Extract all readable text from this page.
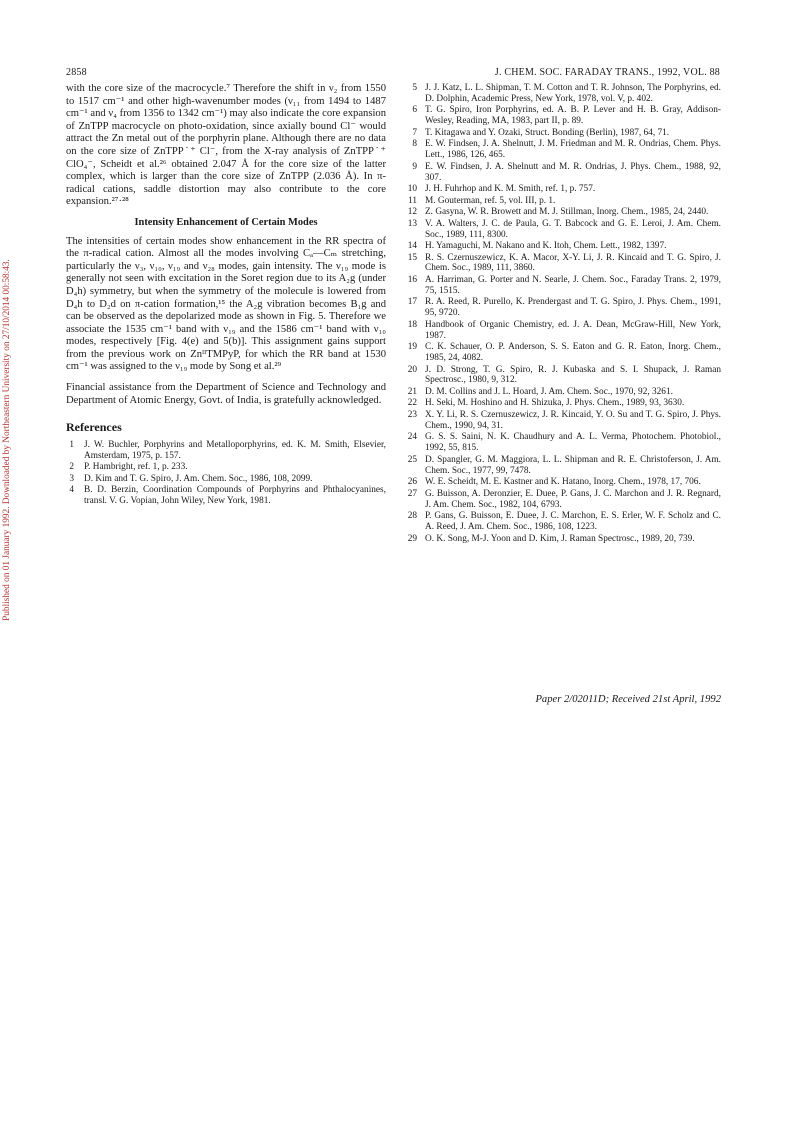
Published on 01 January 1992. Downloaded by Northeastern University on 27/10/2014 00:58:43.
2858	J. CHEM. SOC. FARADAY TRANS., 1992, VOL. 88

with the core size of the macrocycle.⁷ Therefore the shift in ν₂ from 1550 to 1517 cm⁻¹ and other high-wavenumber modes (ν₁₁ from 1494 to 1487 cm⁻¹ and ν₄ from 1356 to 1342 cm⁻¹) may also indicate the core expansion of ZnTPP macrocycle on photo-oxidation, since axially bound Cl⁻ would attract the Zn metal out of the porphyrin plane. Although there are no data on the core size of ZnTPP˙⁺ Cl⁻, from the X-ray analysis of ZnTPP˙⁺ ClO₄⁻, Scheidt et al.²⁶ obtained 2.047 Å for the core size of the latter complex, which is larger than the core size of ZnTPP (2.036 Å). In π-radical cations, saddle distortion may also contribute to the core expansion.²⁷·²⁸

Intensity Enhancement of Certain Modes

The intensities of certain modes show enhancement in the RR spectra of the π-radical cation. Almost all the modes involving Cₐ—Cₘ stretching, particularly the ν₃, ν₁₀, ν₁₉ and ν₂₈ modes, gain intensity. The ν₁₉ mode is generally not seen with excitation in the Soret region due to its A₂g (under D₄h) symmetry, but when the symmetry of the molecule is lowered from D₄h to D₂d on π-cation formation,¹⁵ the A₂g vibration becomes B₁g and can be observed as the depolarized mode as shown in Fig. 5. Therefore we associate the 1535 cm⁻¹ band with ν₁₉ and the 1586 cm⁻¹ band with ν₁₀ modes, respectively [Fig. 4(e) and 5(b)]. This assignment gains support from the previous work on ZnᴵᴵTMPyP, for which the RR band at 1530 cm⁻¹ was assigned to the ν₁₉ mode by Song et al.²⁹

Financial assistance from the Department of Science and Technology and Department of Atomic Energy, Govt. of India, is gratefully acknowledged.

References
1 J. W. Buchler, Porphyrins and Metalloporphyrins, ed. K. M. Smith, Elsevier, Amsterdam, 1975, p. 157.
2 P. Hambright, ref. 1, p. 233.
3 D. Kim and T. G. Spiro, J. Am. Chem. Soc., 1986, 108, 2099.
4 B. D. Berzin, Coordination Compounds of Porphyrins and Phthalocyanines, transl. V. G. Vopian, John Wiley, New York, 1981.
5 J. J. Katz, L. L. Shipman, T. M. Cotton and T. R. Johnson, The Porphyrins, ed. D. Dolphin, Academic Press, New York, 1978, vol. V, p. 402.
6 T. G. Spiro, Iron Porphyrins, ed. A. B. P. Lever and H. B. Gray, Addison-Wesley, Reading, MA, 1983, part II, p. 89.
7 T. Kitagawa and Y. Ozaki, Struct. Bonding (Berlin), 1987, 64, 71.
8 E. W. Findsen, J. A. Shelnutt, J. M. Friedman and M. R. Ondrias, Chem. Phys. Lett., 1986, 126, 465.
9 E. W. Findsen, J. A. Shelnutt and M. R. Ondrias, J. Phys. Chem., 1988, 92, 307.
10 J. H. Fuhrhop and K. M. Smith, ref. 1, p. 757.
11 M. Gouterman, ref. 5, vol. III, p. 1.
12 Z. Gasyna, W. R. Browett and M. J. Stillman, Inorg. Chem., 1985, 24, 2440.
13 V. A. Walters, J. C. de Paula, G. T. Babcock and G. E. Leroi, J. Am. Chem. Soc., 1989, 111, 8300.
14 H. Yamaguchi, M. Nakano and K. Itoh, Chem. Lett., 1982, 1397.
15 R. S. Czernuszewicz, K. A. Macor, X-Y. Li, J. R. Kincaid and T. G. Spiro, J. Chem. Soc., 1989, 111, 3860.
16 A. Harriman, G. Porter and N. Searle, J. Chem. Soc., Faraday Trans. 2, 1979, 75, 1515.
17 R. A. Reed, R. Purello, K. Prendergast and T. G. Spiro, J. Phys. Chem., 1991, 95, 9720.
18 Handbook of Organic Chemistry, ed. J. A. Dean, McGraw-Hill, New York, 1987.
19 C. K. Schauer, O. P. Anderson, S. S. Eaton and G. R. Eaton, Inorg. Chem., 1985, 24, 4082.
20 J. D. Strong, T. G. Spiro, R. J. Kubaska and S. I. Shupack, J. Raman Spectrosc., 1980, 9, 312.
21 D. M. Collins and J. L. Hoard, J. Am. Chem. Soc., 1970, 92, 3261.
22 H. Seki, M. Hoshino and H. Shizuka, J. Phys. Chem., 1989, 93, 3630.
23 X. Y. Li, R. S. Czernuszewicz, J. R. Kincaid, Y. O. Su and T. G. Spiro, J. Phys. Chem., 1990, 94, 31.
24 G. S. S. Saini, N. K. Chaudhury and A. L. Verma, Photochem. Photobiol., 1992, 55, 815.
25 D. Spangler, G. M. Maggiora, L. L. Shipman and R. E. Christoferson, J. Am. Chem. Soc., 1977, 99, 7478.
26 W. E. Scheidt, M. E. Kastner and K. Hatano, Inorg. Chem., 1978, 17, 706.
27 G. Buisson, A. Deronzier, E. Duee, P. Gans, J. C. Marchon and J. R. Regnard, J. Am. Chem. Soc., 1982, 104, 6793.
28 P. Gans, G. Buisson, E. Duee, J. C. Marchon, E. S. Erler, W. F. Scholz and C. A. Reed, J. Am. Chem. Soc., 1986, 108, 1223.
29 O. K. Song, M-J. Yoon and D. Kim, J. Raman Spectrosc., 1989, 20, 739.
Paper 2/02011D; Received 21st April, 1992
